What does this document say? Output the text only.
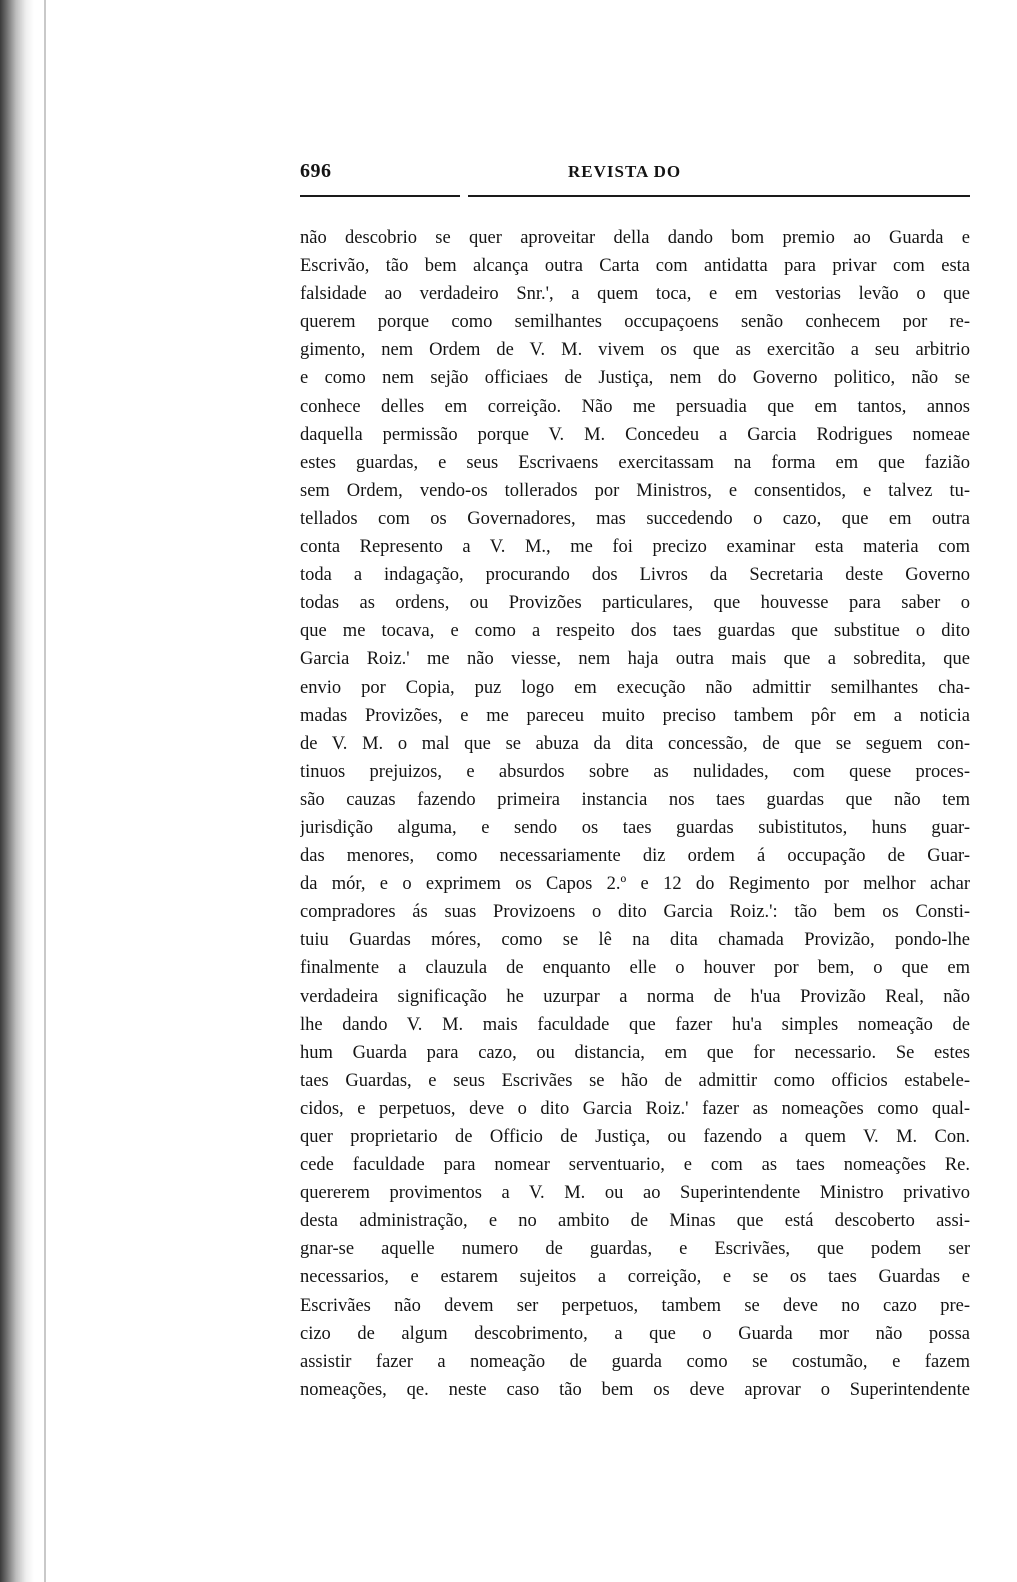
696	REVISTA DO
não descobrio se quer aproveitar della dando bom premio ao Guarda e
Escrivão, tão bem alcança outra Carta com antidatta para privar com esta
falsidade ao verdadeiro Snr.', a quem toca, e em vestorias levão o que
querem porque como semilhantes occupaçoens senão conhecem por re-
gimento, nem Ordem de V. M. vivem os que as exercitão a seu arbitrio
e como nem sejão officiaes de Justiça, nem do Governo politico, não se
conhece delles em correição. Não me persuadia que em tantos, annos
daquella permissão porque V. M. Concedeu a Garcia Rodrigues nomeae
estes guardas, e seus Escrivaens exercitassam na forma em que fazião
sem Ordem, vendo-os tollerados por Ministros, e consentidos, e talvez tu-
tellados com os Governadores, mas succedendo o cazo, que em outra
conta Represento a V. M., me foi precizo examinar esta materia com
toda a indagação, procurando dos Livros da Secretaria deste Governo
todas as ordens, ou Provizões particulares, que houvesse para saber o
que me tocava, e como a respeito dos taes guardas que substitue o dito
Garcia Roiz.' me não viesse, nem haja outra mais que a sobredita, que
envio por Copia, puz logo em execução não admittir semilhantes cha-
madas Provizões, e me pareceu muito preciso tambem pôr em a noticia
de V. M. o mal que se abuza da dita concessão, de que se seguem con-
tinuos prejuizos, e absurdos sobre as nulidades, com quese proces-
são cauzas fazendo primeira instancia nos taes guardas que não tem
jurisdição alguma, e sendo os taes guardas subistitutos, huns guar-
das menores, como necessariamente diz ordem á occupação de Guar-
da mór, e o exprimem os Capos 2.º e 12 do Regimento por melhor achar
compradores ás suas Provizoens o dito Garcia Roiz.': tão bem os Consti-
tuiu Guardas móres, como se lê na dita chamada Provizão, pondo-lhe
finalmente a clauzula de enquanto elle o houver por bem, o que em
verdadeira significação he uzurpar a norma de h'ua Provizão Real, não
lhe dando V. M. mais faculdade que fazer hu'a simples nomeação de
hum Guarda para cazo, ou distancia, em que for necessario. Se estes
taes Guardas, e seus Escrivães se hão de admittir como officios estabele-
cidos, e perpetuos, deve o dito Garcia Roiz.' fazer as nomeações como qual-
quer proprietario de Officio de Justiça, ou fazendo a quem V. M. Con.
cede faculdade para nomear serventuario, e com as taes nomeações Re.
quererem provimentos a V. M. ou ao Superintendente Ministro privativo
desta administração, e no ambito de Minas que está descoberto assi-
gnar-se aquelle numero de guardas, e Escrivães, que podem ser
necessarios, e estarem sujeitos a correição, e se os taes Guardas e
Escrivães não devem ser perpetuos, tambem se deve no cazo pre-
cizo de algum descobrimento, a que o Guarda mor não possa
assistir fazer a nomeação de guarda como se costumão, e fazem
nomeações, qe. neste caso tão bem os deve aprovar o Superintendente
